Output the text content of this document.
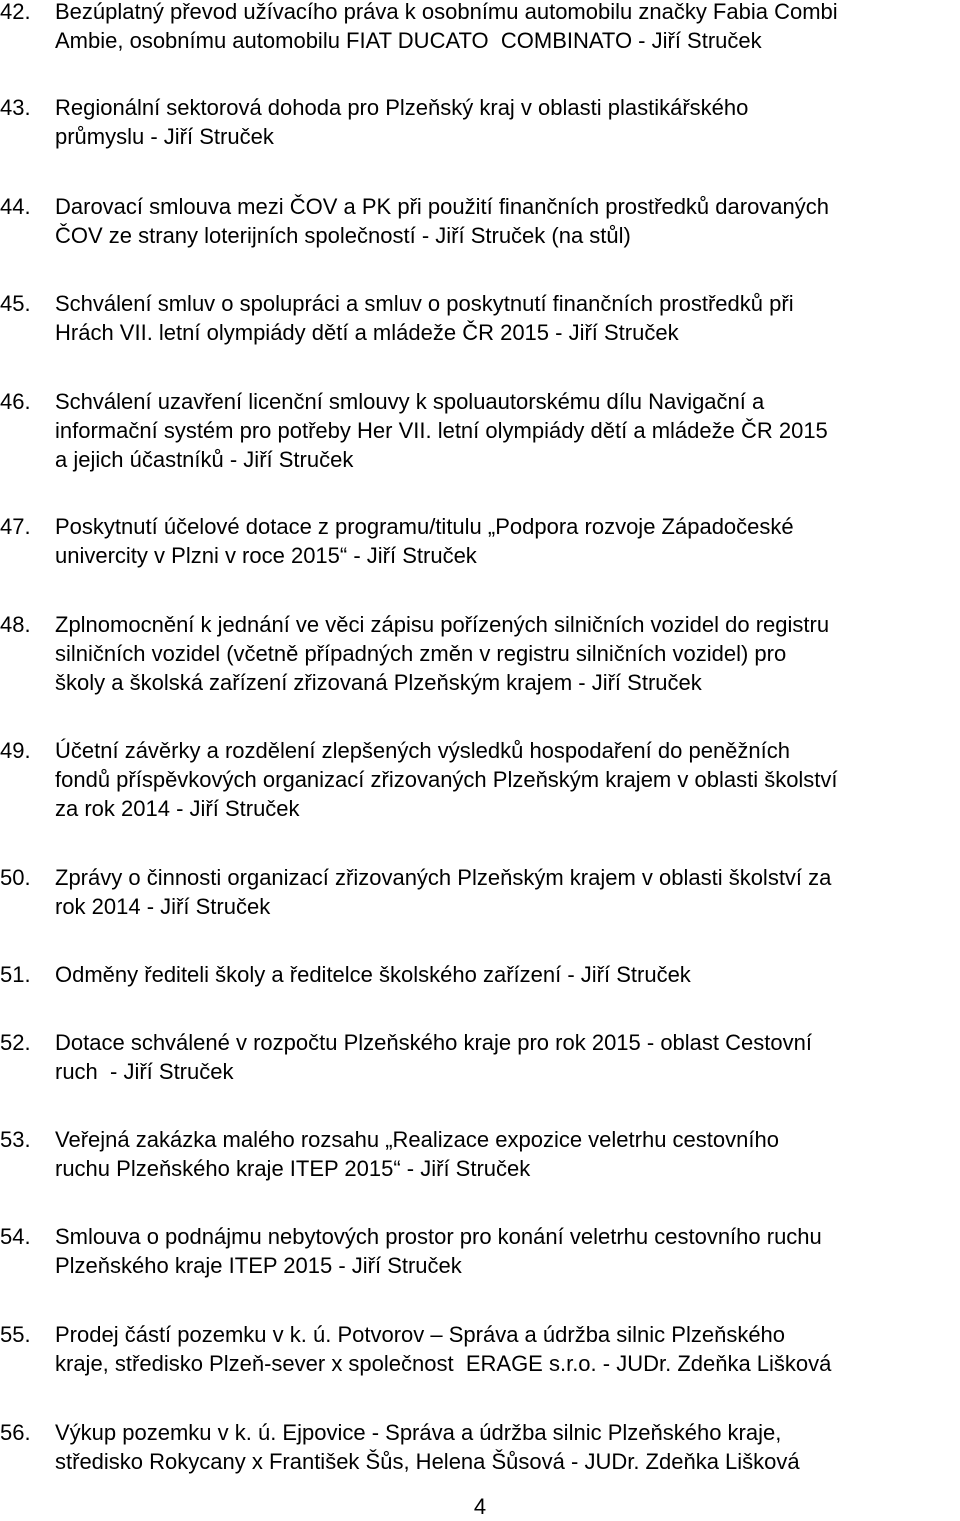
42.	Bezúplatný převod užívacího práva k osobnímu automobilu značky Fabia Combi
Ambie, osobnímu automobilu FIAT DUCATO  COMBINATO - Jiří Struček
43.	Regionální sektorová dohoda pro Plzeňský kraj v oblasti plastikářského
průmyslu - Jiří Struček
44.	Darovací smlouva mezi ČOV a PK při použití finančních prostředků darovaných
ČOV ze strany loterijních společností - Jiří Struček (na stůl)
45.	Schválení smluv o spolupráci a smluv o poskytnutí finančních prostředků při
Hrách VII. letní olympiády dětí a mládeže ČR 2015 - Jiří Struček
46.	Schválení uzavření licenční smlouvy k spoluautorskému dílu Navigační a
informační systém pro potřeby Her VII. letní olympiády dětí a mládeže ČR 2015
a jejich účastníků - Jiří Struček
47.	Poskytnutí účelové dotace z programu/titulu „Podpora rozvoje Západočeské
univercity v Plzni v roce 2015“ - Jiří Struček
48.	Zplnomocnění k jednání ve věci zápisu pořízených silničních vozidel do registru
silničních vozidel (včetně případných změn v registru silničních vozidel) pro
školy a školská zařízení zřizovaná Plzeňským krajem - Jiří Struček
49.	Účetní závěrky a rozdělení zlepšených výsledků hospodaření do peněžních
fondů příspěvkových organizací zřizovaných Plzeňským krajem v oblasti školství
za rok 2014 - Jiří Struček
50.	Zprávy o činnosti organizací zřizovaných Plzeňským krajem v oblasti školství za
rok 2014 - Jiří Struček
51.	Odměny řediteli školy a ředitelce školského zařízení - Jiří Struček
52.	Dotace schválené v rozpočtu Plzeňského kraje pro rok 2015 - oblast Cestovní
ruch  - Jiří Struček
53.	Veřejná zakázka malého rozsahu „Realizace expozice veletrhu cestovního
ruchu Plzeňského kraje ITEP 2015“ - Jiří Struček
54.	Smlouva o podnájmu nebytových prostor pro konání veletrhu cestovního ruchu
Plzeňského kraje ITEP 2015 - Jiří Struček
55.	Prodej částí pozemku v k. ú. Potvorov – Správa a údržba silnic Plzeňského
kraje, středisko Plzeň-sever x společnost  ERAGE s.r.o. - JUDr. Zdeňka Lišková
56.	Výkup pozemku v k. ú. Ejpovice - Správa a údržba silnic Plzeňského kraje,
středisko Rokycany x František Šůs, Helena Šůsová - JUDr. Zdeňka Lišková
4
